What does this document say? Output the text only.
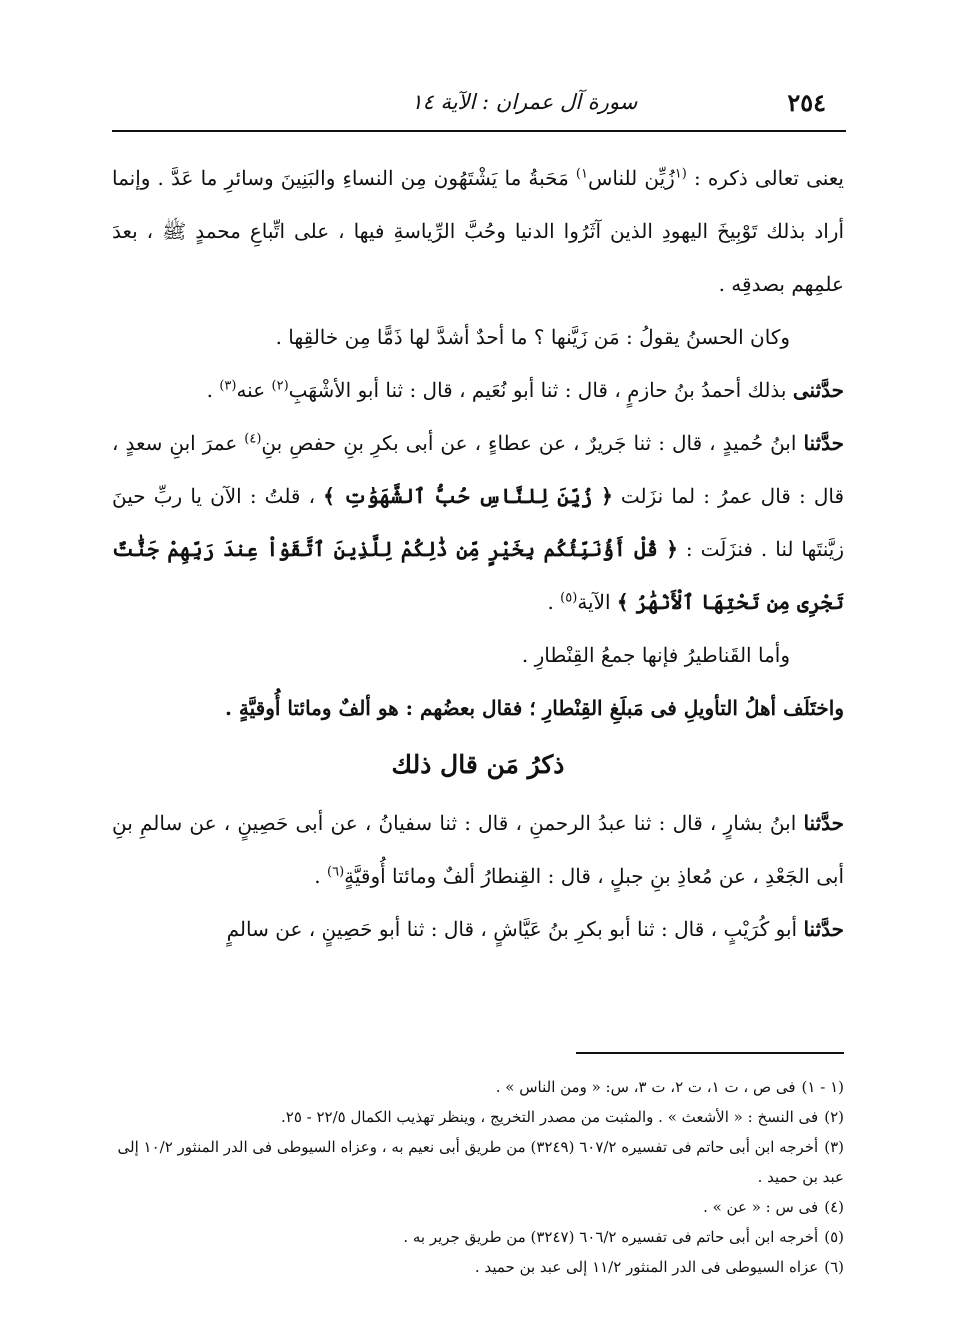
٢٥٤
سورة آل عمران : الآية ١٤

يعنى تعالى ذكره : $^{(١}$زُيِّن للناس$^{١)}$ مَحَبةُ ما يَشْتَهُون مِن النساءِ والبَنِينَ وسائرِ ما عَدَّ . وإنما أراد بذلك تَوْبِيخَ اليهودِ الذين آثَرُوا الدنيا وحُبَّ الرِّياسةِ فيها ، على اتِّباعِ محمدٍ ﷺ ، بعدَ علمِهم بصدقِه .

وكان الحسنُ يقولُ : مَن زَيَّنها ؟ ما أحدٌ أشدَّ لها ذَمًّا مِن خالقِها .

حدَّثنى بذلك أحمدُ بنُ حازمٍ ، قال : ثنا أبو نُعَيم ، قال : ثنا أبو الأشْهَبِ$^{(٢)}$ عنه$^{(٣)}$ .

حدَّثنا ابنُ حُميدٍ ، قال : ثنا جَريرٌ ، عن عطاءٍ ، عن أبى بكرِ بنِ حفصِ بنِ$^{(٤)}$ عمرَ ابنِ سعدٍ ، قال : قال عمرُ : لما نزَلت ﴿ زُيِّنَ لِلنَّاسِ حُبُّ ٱلشَّهَوَٰتِ ﴾ ، قلتُ : الآن يا ربِّ حينَ زيَّنتَها لنا . فنزَلَت : ﴿ قُلْ أَؤُنَبِّئُكُم بِخَيْرٍ مِّن ذَٰلِكُمْ لِلَّذِينَ ٱتَّقَوْاْ عِندَ رَبِّهِمْ جَنَّٰتٌ تَجْرِى مِن تَحْتِهَا ٱلْأَنْهَٰرُ ﴾ الآية$^{(٥)}$ .

وأما القَناطيرُ فإنها جمعُ القِنْطارِ .

واختَلَف أهلُ التأويلِ فى مَبلَغِ القِنْطارِ ؛ فقال بعضُهم : هو ألفٌ ومائتا أُوقيَّةٍ .

ذكرُ مَن قال ذلك

حدَّثنا ابنُ بشارٍ ، قال : ثنا عبدُ الرحمنِ ، قال : ثنا سفيانُ ، عن أبى حَصِينٍ ، عن سالمِ بنِ أبى الجَعْدِ ، عن مُعاذِ بنِ جبلٍ ، قال : القِنطارُ ألفٌ ومائتا أُوقيَّةٍ$^{(٦)}$ .

حدَّثنا أبو كُرَيْبٍ ، قال : ثنا أبو بكرِ بنُ عَيَّاشٍ ، قال : ثنا أبو حَصِينٍ ، عن سالمٍ

(١ - ١)فى ص ، ت ١، ت ٢، ت ٣، س: « ومن الناس » .

(٢)فى النسخ : « الأشعث » . والمثبت من مصدر التخريج ، وينظر تهذيب الكمال ٢٢/٥ - ٢٥.

(٣)أخرجه ابن أبى حاتم فى تفسيره ٦٠٧/٢ (٣٢٤٩) من طريق أبى نعيم به ، وعزاه السيوطى فى الدر المنثور ١٠/٢ إلى عبد بن حميد .

(٤)فى س : « عن » .

(٥)أخرجه ابن أبى حاتم فى تفسيره ٦٠٦/٢ (٣٢٤٧) من طريق جرير به .

(٦)عزاه السيوطى فى الدر المنثور ١١/٢ إلى عبد بن حميد .
